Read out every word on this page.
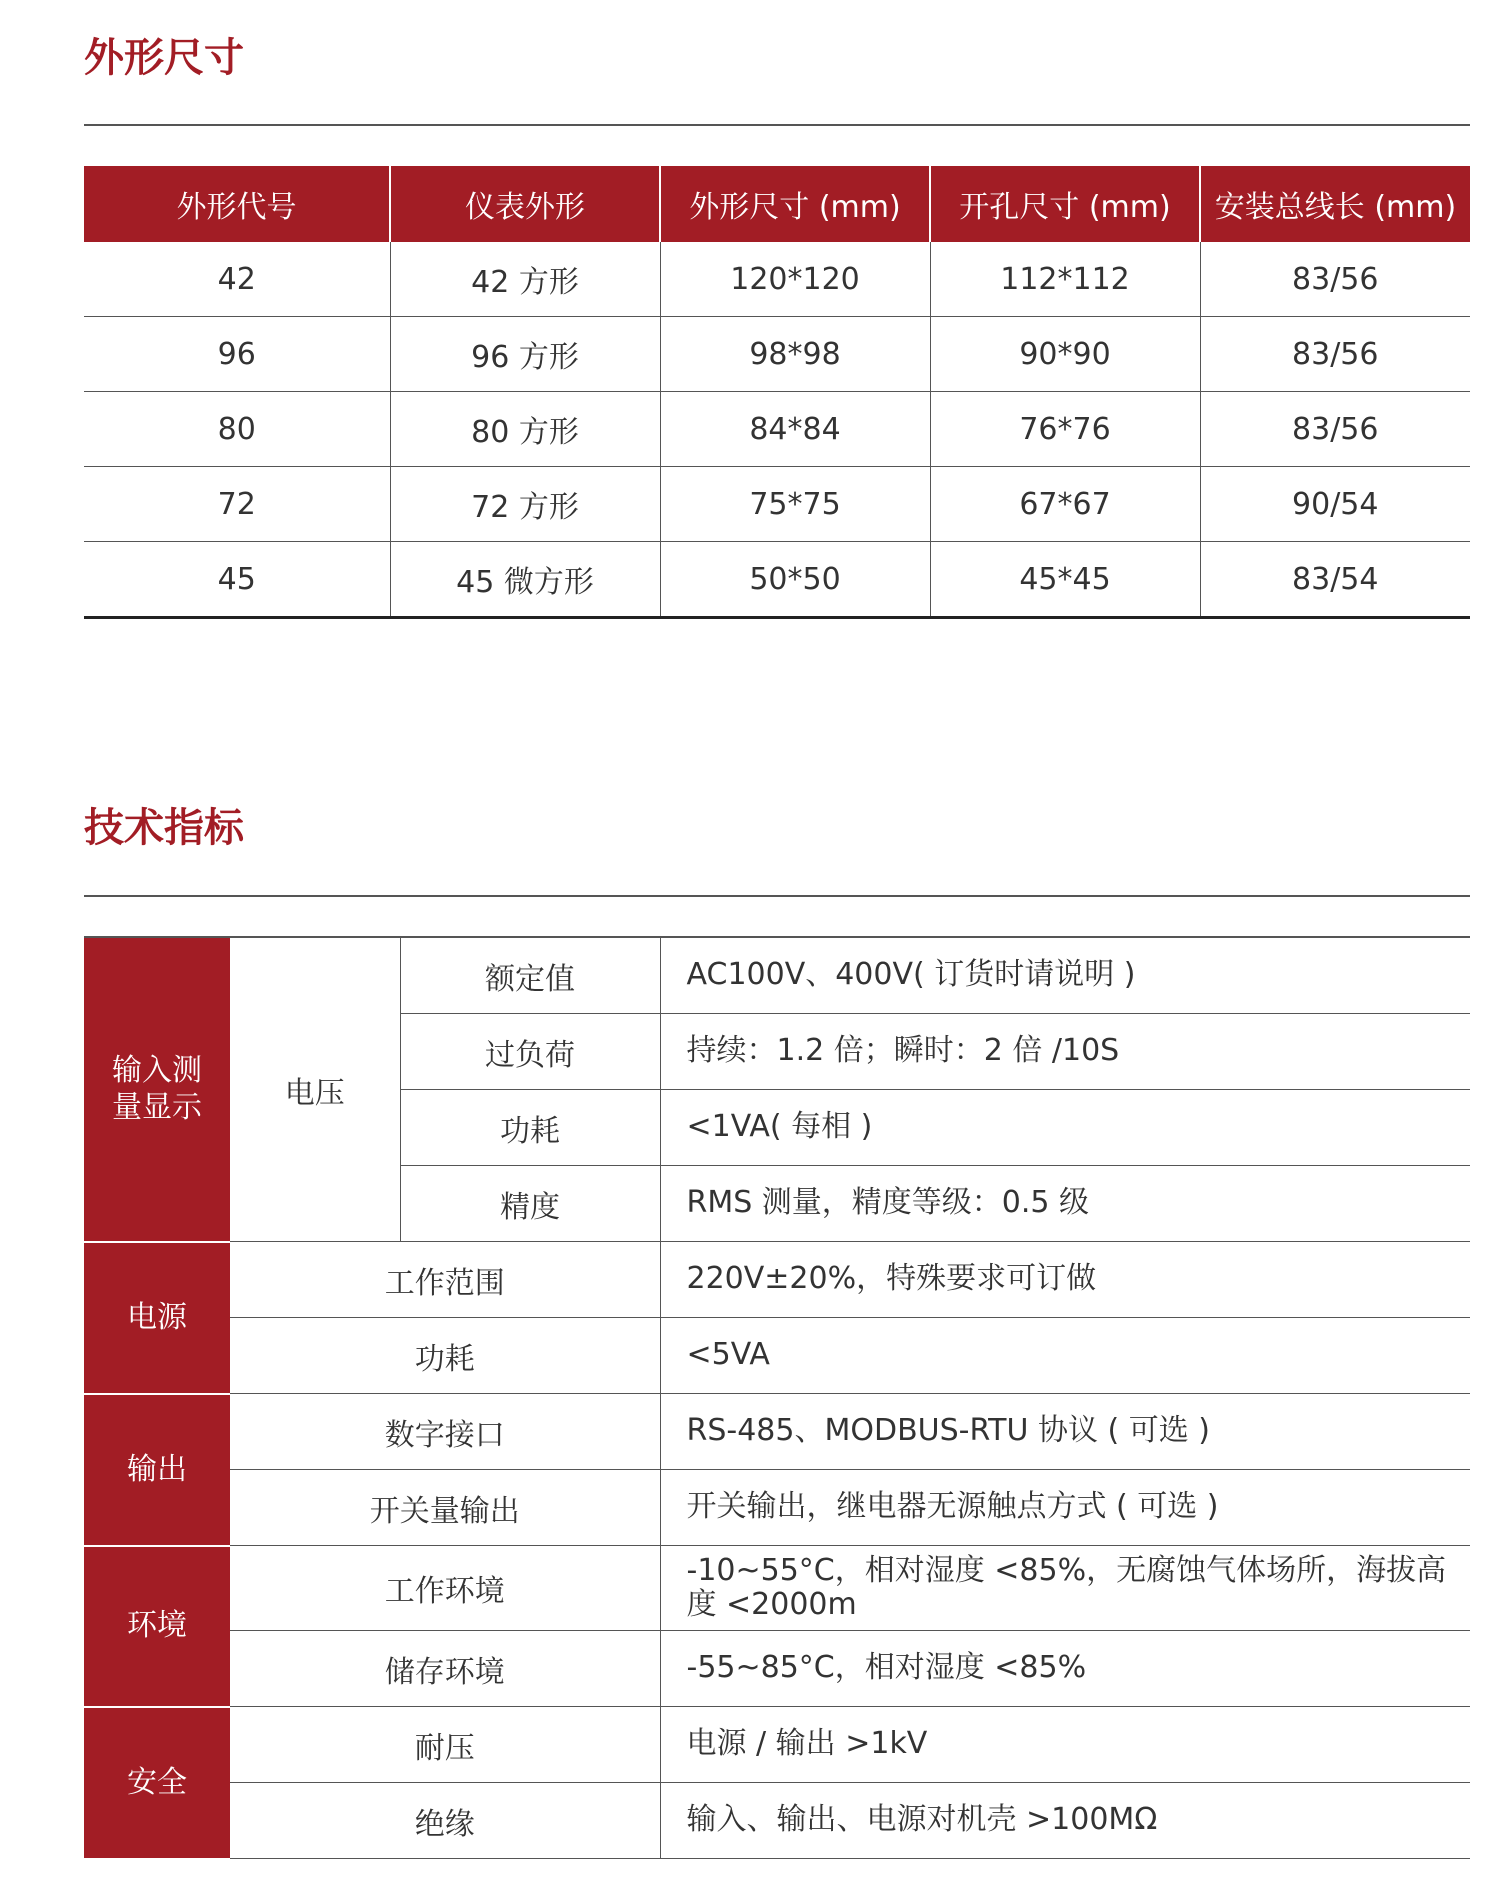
外形尺寸
外形代号	仪表外形	外形尺寸 (mm)	开孔尺寸 (mm)	安装总线长 (mm)
42	42 方形	120*120	112*112	83/56
96	96 方形	98*98	90*90	83/56
80	80 方形	84*84	76*76	83/56
72	72 方形	75*75	67*67	90/54
45	45 微方形	50*50	45*45	83/54
技术指标
输入测量显示	电压	额定值	AC100V、400V( 订货时请说明 )
		过负荷	持续：1.2 倍；瞬时：2 倍 /10S
		功耗	<1VA( 每相 )
		精度	RMS 测量，精度等级：0.5 级
电源	工作范围		220V±20%，特殊要求可订做
	功耗		<5VA
输出	数字接口		RS-485、MODBUS-RTU 协议 ( 可选 )
	开关量输出		开关输出，继电器无源触点方式 ( 可选 )
环境	工作环境		-10~55°C，相对湿度 <85%，无腐蚀气体场所，海拔高度 <2000m
	储存环境		-55~85°C，相对湿度 <85%
安全	耐压		电源 / 输出 >1kV
	绝缘		输入、输出、电源对机壳 >100MΩ
